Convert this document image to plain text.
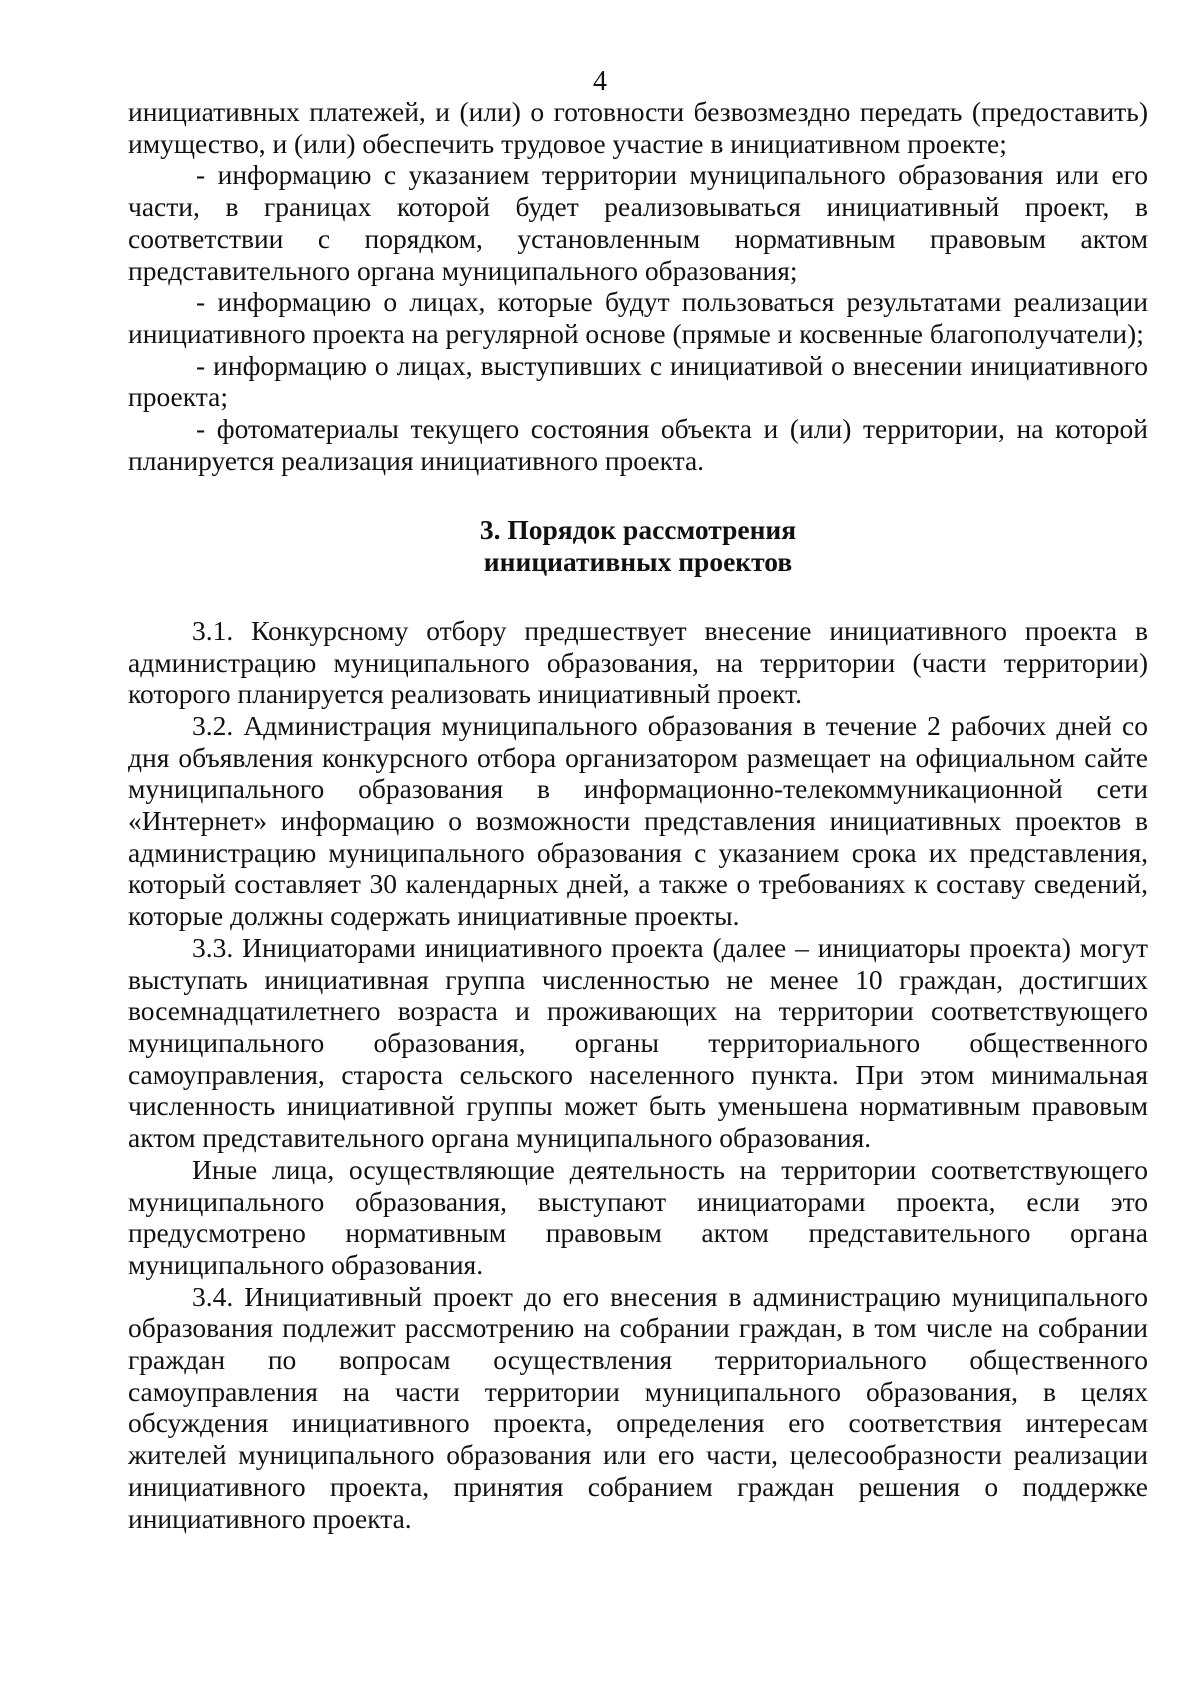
4

инициативных платежей, и (или) о готовности безвозмездно передать (предоставить) имущество, и (или) обеспечить трудовое участие в инициативном проекте;

- информацию с указанием территории муниципального образования или его части, в границах которой будет реализовываться инициативный проект, в соответствии с порядком, установленным нормативным правовым актом представительного органа муниципального образования;

- информацию о лицах, которые будут пользоваться результатами реализации инициативного проекта на регулярной основе (прямые и косвенные благополучатели);

- информацию о лицах, выступивших с инициативой о внесении инициативного проекта;

- фотоматериалы текущего состояния объекта и (или) территории, на которой планируется реализация инициативного проекта.

3. Порядок рассмотрения

инициативных проектов

3.1. Конкурсному отбору предшествует внесение инициативного проекта в администрацию муниципального образования, на территории (части территории) которого планируется реализовать инициативный проект.

3.2. Администрация муниципального образования в течение 2 рабочих дней со дня объявления конкурсного отбора организатором размещает на официальном сайте муниципального образования в информационно-телекоммуникационной сети «Интернет» информацию о возможности представления инициативных проектов в администрацию муниципального образования с указанием срока их представления, который составляет 30 календарных дней, а также о требованиях к составу сведений, которые должны содержать инициативные проекты.

3.3. Инициаторами инициативного проекта (далее – инициаторы проекта) могут выступать инициативная группа численностью не менее 10 граждан, достигших восемнадцатилетнего возраста и проживающих на территории соответствующего муниципального образования, органы территориального общественного самоуправления, староста сельского населенного пункта. При этом минимальная численность инициативной группы может быть уменьшена нормативным правовым актом представительного органа муниципального образования.

Иные лица, осуществляющие деятельность на территории соответствующего муниципального образования, выступают инициаторами проекта, если это предусмотрено нормативным правовым актом представительного органа муниципального образования.

3.4. Инициативный проект до его внесения в администрацию муниципального образования подлежит рассмотрению на собрании граждан, в том числе на собрании граждан по вопросам осуществления территориального общественного самоуправления на части территории муниципального образования, в целях обсуждения инициативного проекта, определения его соответствия интересам жителей муниципального образования или его части, целесообразности реализации инициативного проекта, принятия собранием граждан решения о поддержке инициативного проекта.
